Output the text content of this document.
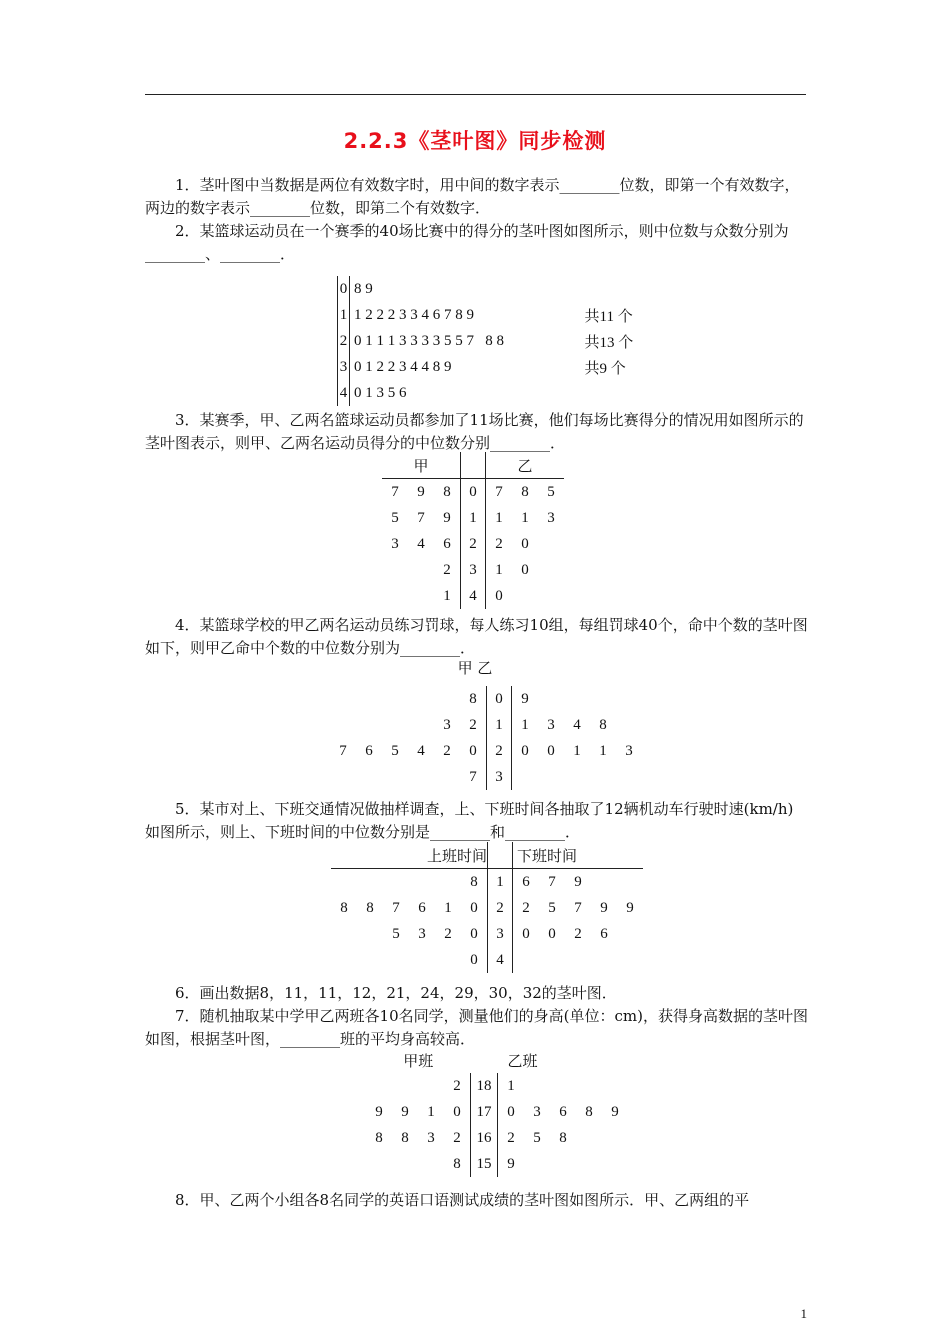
2.2.3《茎叶图》同步检测
1．茎叶图中当数据是两位有效数字时，用中间的数字表示________位数，即第一个有效数字，两边的数字表示________位数，即第二个有效数字．
2．某篮球运动员在一个赛季的40场比赛中的得分的茎叶图如图所示，则中位数与众数分别为________、________．
0	8 9	
1	1 2 2 2 3 3 4 6 7 8 9	共11 个
2	0 1 1 1 3 3 3 3 5 5 7   8 8	共13 个
3	0 1 2 2 3 4 4 8 9	共9 个
4	0 1 3 5 6	
3．某赛季，甲、乙两名篮球运动员都参加了11场比赛，他们每场比赛得分的情况用如图所示的茎叶图表示，则甲、乙两名运动员得分的中位数分别________．
甲				乙		
7	9	8	0	7	8	5
5	7	9	1	1	1	3
3	4	6	2	2	0	
		2	3	1	0	
		1	4	0		
4．某篮球学校的甲乙两名运动员练习罚球，每人练习10组，每组罚球40个，命中个数的茎叶图如下，则甲乙命中个数的中位数分别为________．
甲 乙
					8	0	9				
				3	2	1	1	3	4	8	
7	6	5	4	2	0	2	0	0	1	1	3
					7	3					
5．某市对上、下班交通情况做抽样调查，上、下班时间各抽取了12辆机动车行驶时速(km/h)如图所示，则上、下班时间的中位数分别是________和________．
上班时间							下班时间				
					8	1	6	7	9		
8	8	7	6	1	0	2	2	5	7	9	9
		5	3	2	0	3	0	0	2	6	
					0	4					
6．画出数据8，11，11，12，21，24，29，30，32的茎叶图．
7．随机抽取某中学甲乙两班各10名同学，测量他们的身高(单位：cm)，获得身高数据的茎叶图如图，根据茎叶图，________班的平均身高较高．
甲班					乙班				
			2	18	1				
9	9	1	0	17	0	3	6	8	9
8	8	3	2	16	2	5	8		
			8	15	9				
8．甲、乙两个小组各8名同学的英语口语测试成绩的茎叶图如图所示．甲、乙两组的平
1
